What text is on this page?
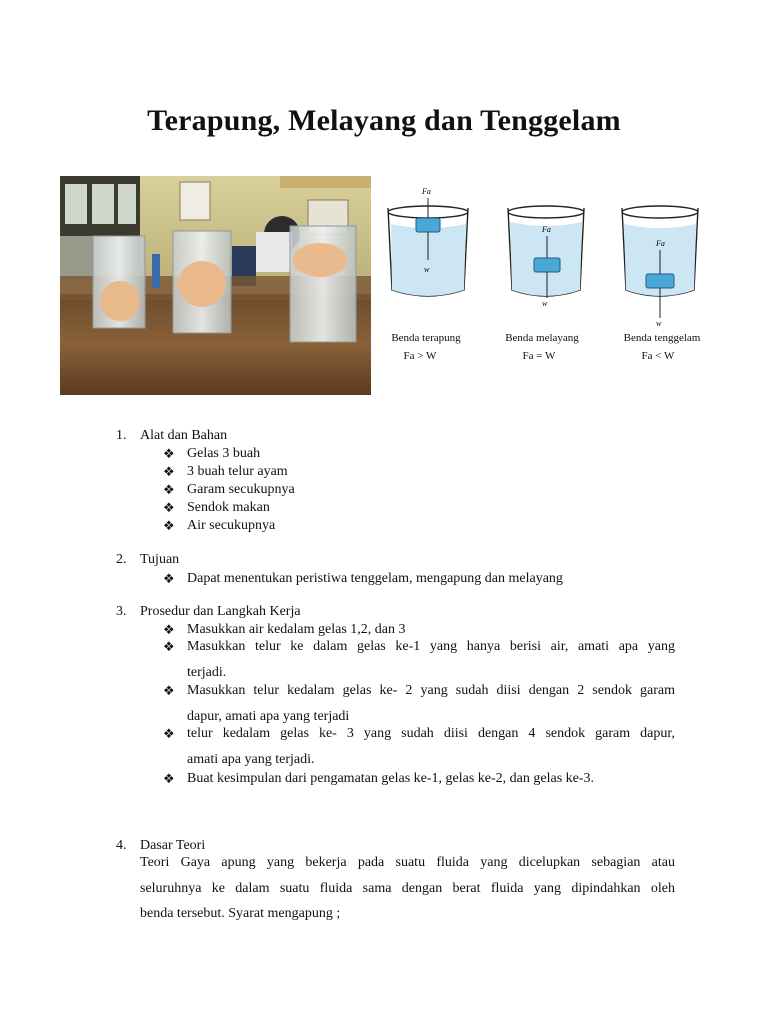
Terapung, Melayang dan Tenggelam
Fa
w
Fa
w
Fa
w
Benda terapung
Fa > W
Benda melayang
Fa = W
Benda tenggelam
Fa < W
1. Alat dan Bahan
❖ Gelas 3 buah
❖ 3 buah telur ayam
❖ Garam secukupnya
❖ Sendok makan
❖ Air secukupnya
2. Tujuan
❖ Dapat menentukan peristiwa tenggelam, mengapung dan melayang
3. Prosedur dan Langkah Kerja
❖ Masukkan air kedalam gelas 1,2, dan 3
❖ Masukkan telur ke dalam gelas ke-1 yang hanya berisi air, amati apa yang
terjadi.
❖ Masukkan telur kedalam gelas ke- 2 yang sudah diisi dengan 2 sendok garam
dapur, amati apa yang terjadi
❖ telur kedalam gelas ke- 3 yang sudah diisi dengan 4 sendok garam dapur,
amati apa yang terjadi.
❖ Buat kesimpulan dari pengamatan gelas ke-1, gelas ke-2, dan gelas ke-3.
4. Dasar Teori
Teori Gaya apung yang bekerja pada suatu fluida yang dicelupkan sebagian atau
seluruhnya ke dalam suatu fluida sama dengan berat fluida yang dipindahkan oleh
benda tersebut. Syarat mengapung ;
